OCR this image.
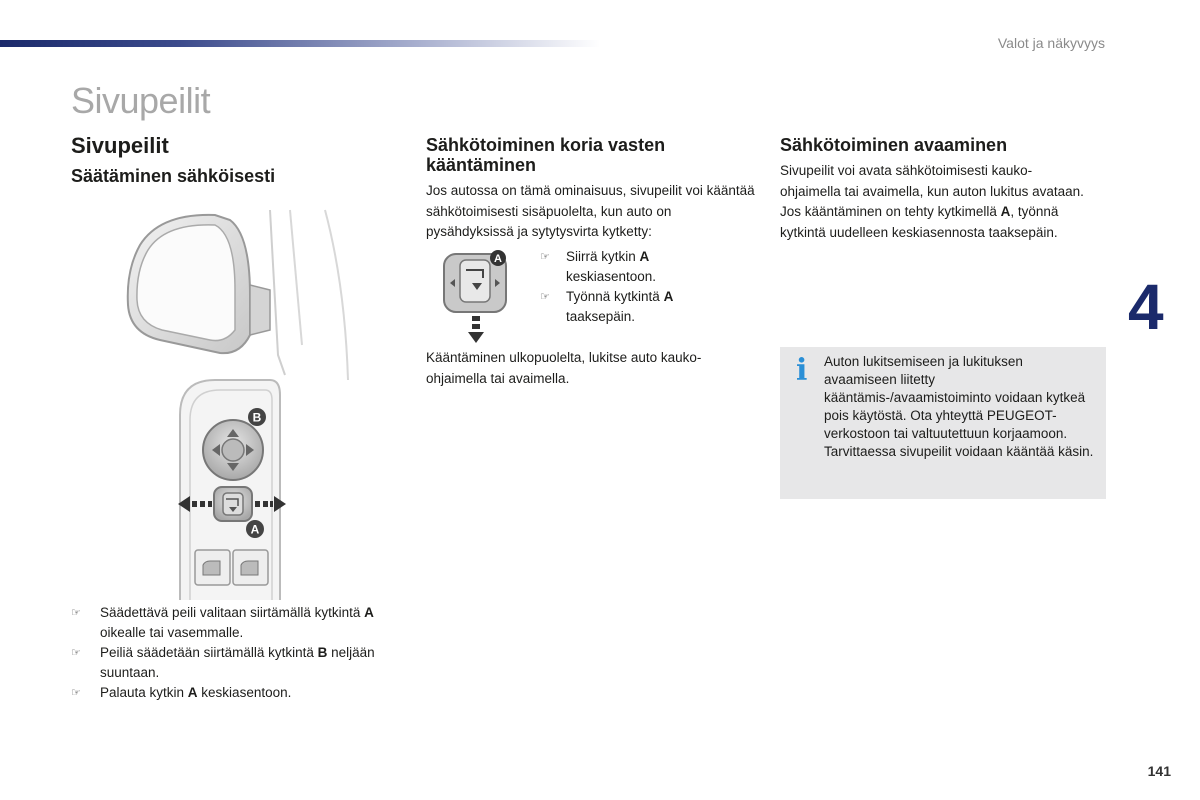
Valot ja näkyvyys
Sivupeilit
4
141
Sivupeilit
Säätäminen sähköisesti
B
A
☞ Säädettävä peili valitaan siirtämällä kytkintä A oikealle tai vasemmalle.
☞ Peiliä säädetään siirtämällä kytkintä B neljään suuntaan.
☞ Palauta kytkin A keskiasentoon.
Sähkötoiminen koria vasten kääntäminen

Jos autossa on tämä ominaisuus, sivupeilit voi kääntää sähkötoimisesti sisäpuolelta, kun auto on pysähdyksissä ja sytytysvirta kytketty:

A	☞ Siirrä kytkin A keskiasentoon.
☞ Työnnä kytkintä A taaksepäin.

Kääntäminen ulkopuolelta, lukitse auto kauko-ohjaimella tai avaimella.

Sähkötoiminen avaaminen

Sivupeilit voi avata sähkötoimisesti kauko-ohjaimella tai avaimella, kun auton lukitus avataan. Jos kääntäminen on tehty kytkimellä A, työnnä kytkintä uudelleen keskiasennosta taaksepäin.

i Auton lukitsemiseen ja lukituksen avaamiseen liitetty kääntämis-/avaamistoiminto voidaan kytkeä pois käytöstä. Ota yhteyttä PEUGEOT-verkostoon tai valtuutettuun korjaamoon. Tarvittaessa sivupeilit voidaan kääntää käsin.
